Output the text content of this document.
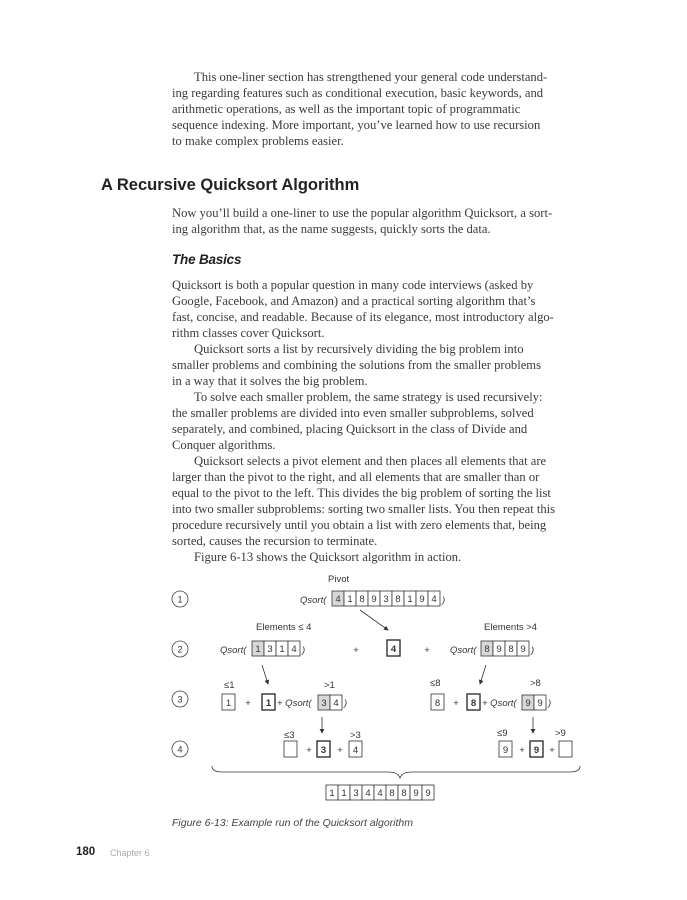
This one-liner section has strengthened your general code understand-
ing regarding features such as conditional execution, basic keywords, and
arithmetic operations, as well as the important topic of programmatic
sequence indexing. More important, you’ve learned how to use recursion
to make complex problems easier.
A Recursive Quicksort Algorithm
Now you’ll build a one-liner to use the popular algorithm Quicksort, a sort-
ing algorithm that, as the name suggests, quickly sorts the data.
The Basics
Quicksort is both a popular question in many code interviews (asked by
Google, Facebook, and Amazon) and a practical sorting algorithm that’s
fast, concise, and readable. Because of its elegance, most introductory algo-
rithm classes cover Quicksort.
Quicksort sorts a list by recursively dividing the big problem into
smaller problems and combining the solutions from the smaller problems
in a way that it solves the big problem.
To solve each smaller problem, the same strategy is used recursively:
the smaller problems are divided into even smaller subproblems, solved
separately, and combined, placing Quicksort in the class of Divide and
Conquer algorithms.
Quicksort selects a pivot element and then places all elements that are
larger than the pivot to the right, and all elements that are smaller than or
equal to the pivot to the left. This divides the big problem of sorting the list
into two smaller subproblems: sorting two smaller lists. You then repeat this
procedure recursively until you obtain a list with zero elements that, being
sorted, causes the recursion to terminate.
Figure 6-13 shows the Quicksort algorithm in action.
1
Pivot
Qsort( 4 1 8 9 3 8 1 9 4 )
2
Elements ≤ 4	Elements >4
Qsort( 1 3 1 4 )	+	4	+ Qsort( 8 9 8 9 )
3
≤1	>1
1 + 1 + Qsort( 3 4 )
≤8	>8
8 + 8 + Qsort( 9 9 )
4
≤3	>3
+ 3 + 4
≤9	>9
9 + 9 +
1 1 3 4 4 8 8 9 9
Figure 6-13: Example run of the Quicksort algorithm
180 Chapter 6
